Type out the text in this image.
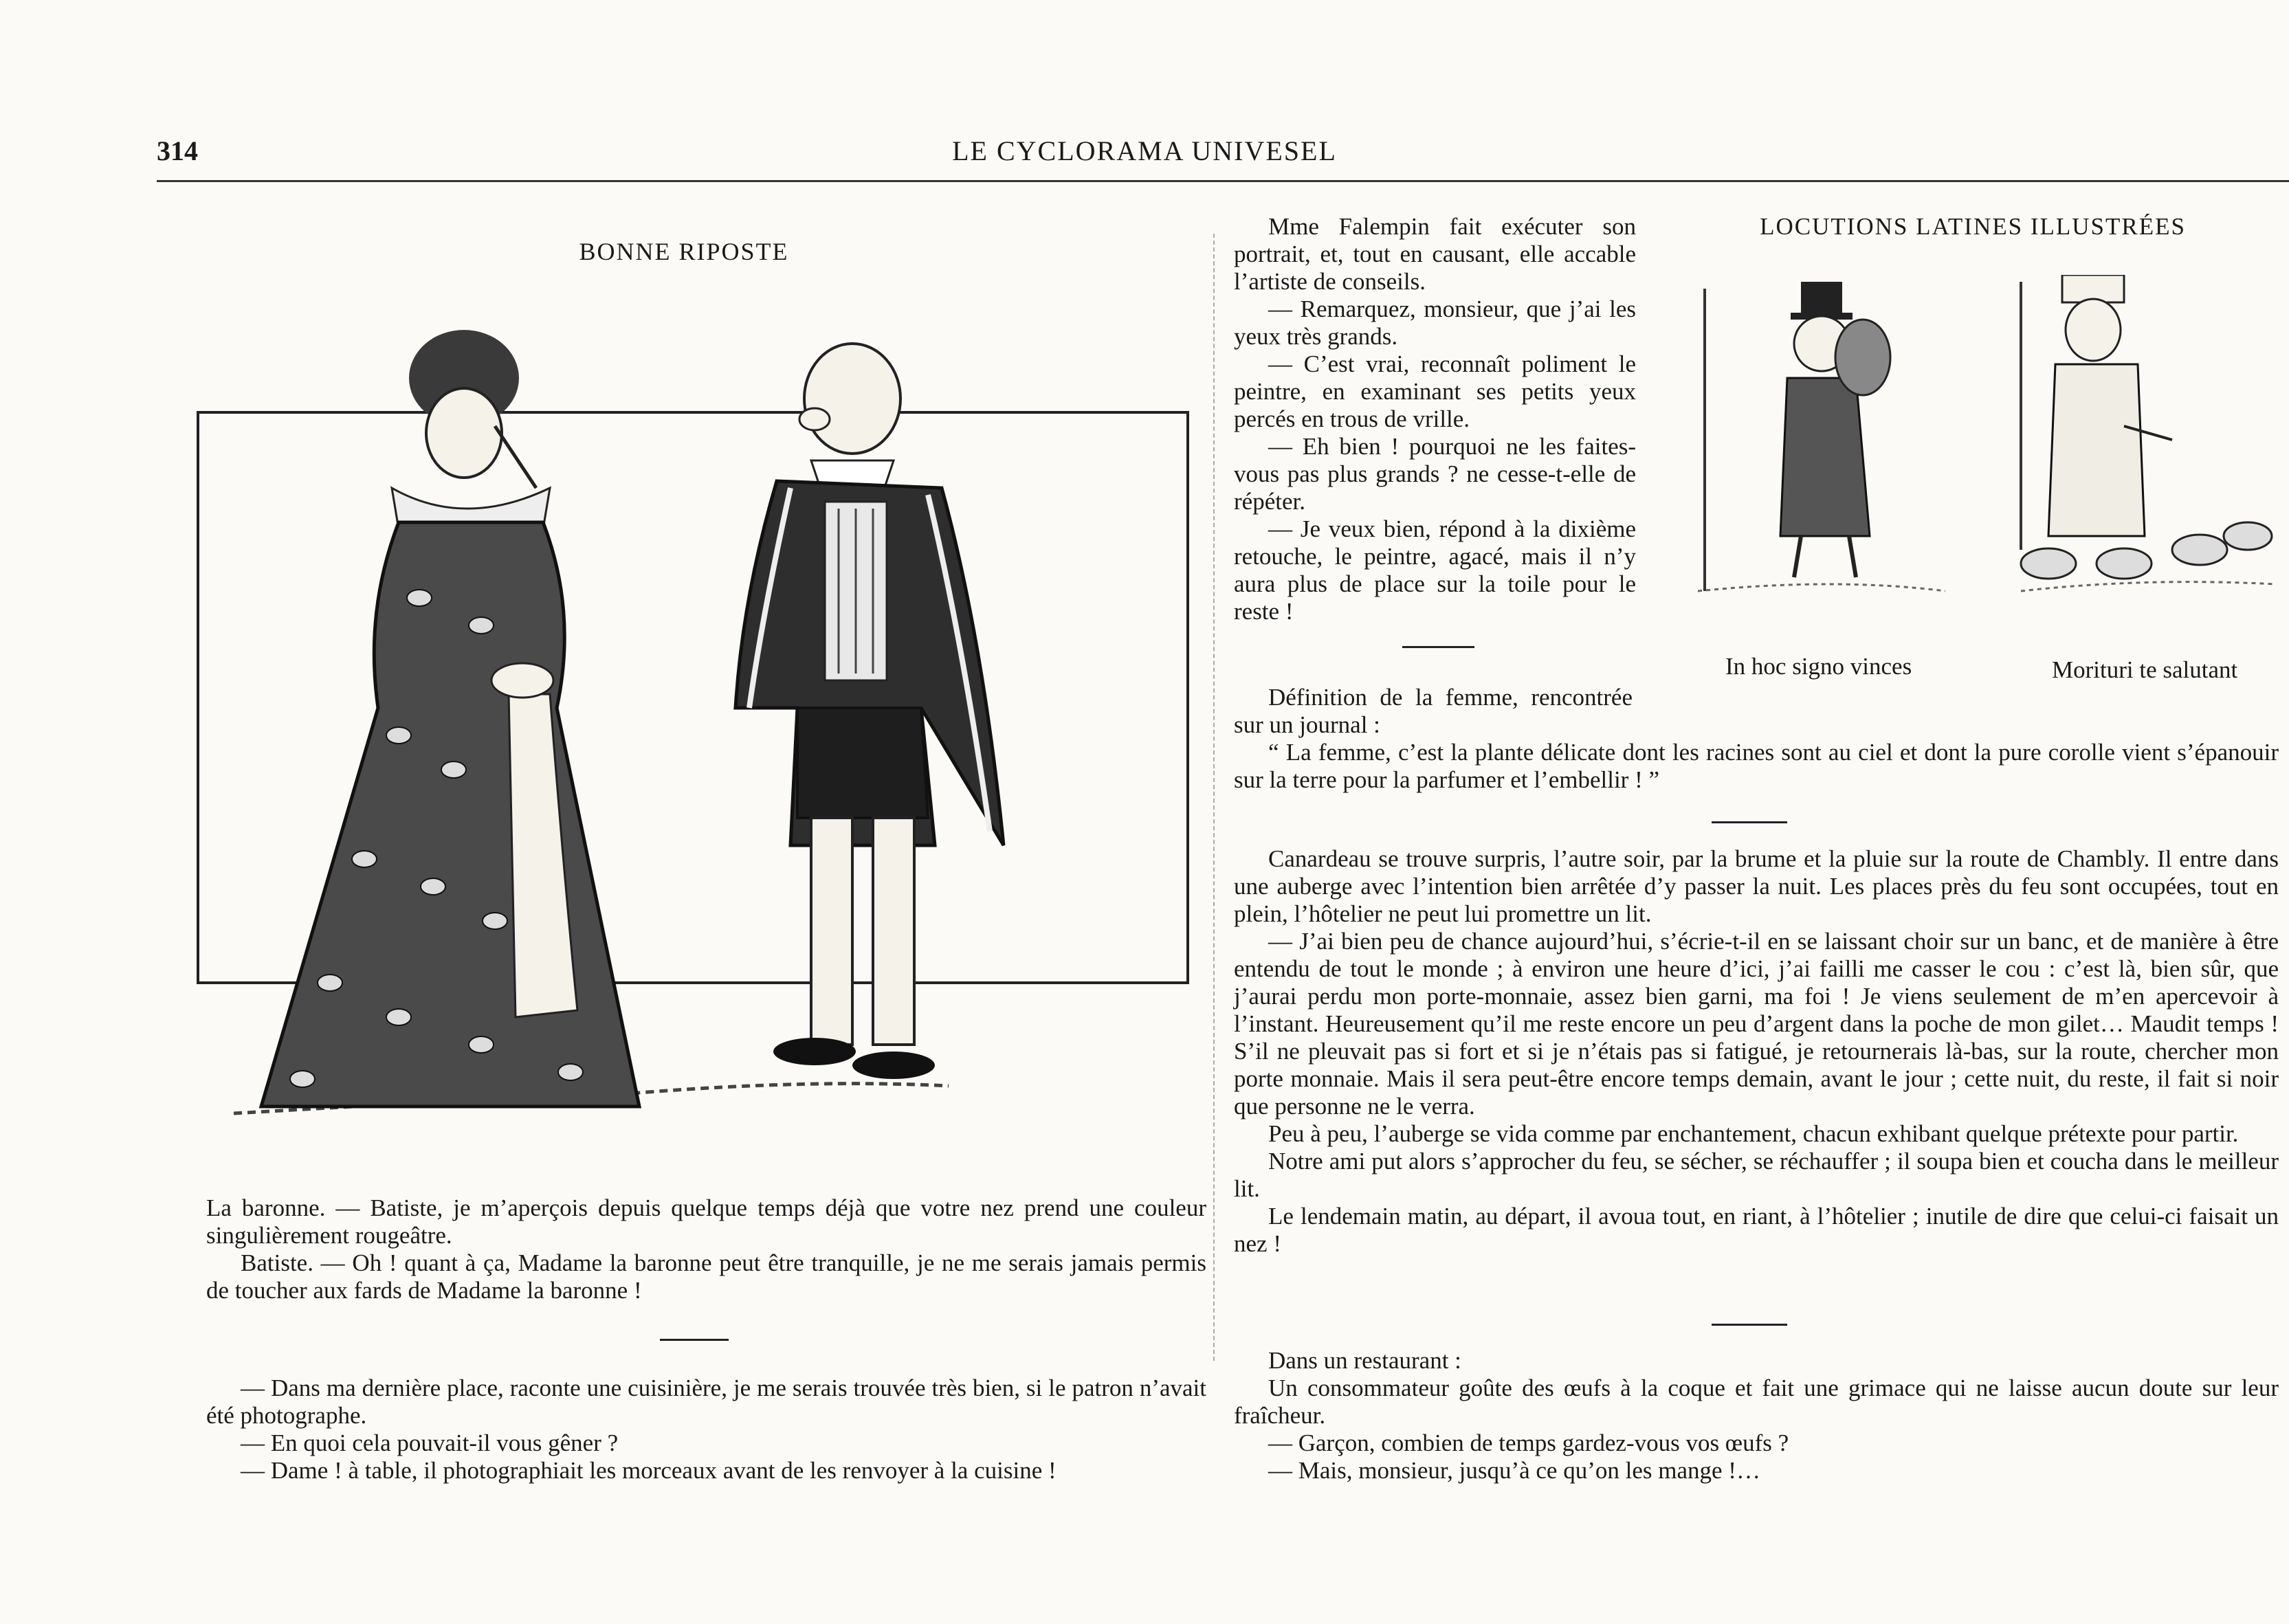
314	LE CYCLORAMA UNIVESEL
BONNE RIPOSTE

La baronne. — Batiste, je m’aperçois depuis quelque temps déjà que votre nez prend une couleur singulièrement rougeâtre.

Batiste. — Oh ! quant à ça, Madame la baronne peut être tranquille, je ne me serais jamais permis de toucher aux fards de Madame la baronne !

— Dans ma dernière place, raconte une cuisinière, je me serais trouvée très bien, si le patron n’avait été photographe.

— En quoi cela pouvait-il vous gêner ?

— Dame ! à table, il photographiait les morceaux avant de les renvoyer à la cuisine !

Mme Falempin fait exécuter son portrait, et, tout en causant, elle accable l’artiste de conseils.

— Remarquez, monsieur, que j’ai les yeux très grands.

— C’est vrai, reconnaît poliment le peintre, en examinant ses petits yeux percés en trous de vrille.

— Eh bien ! pourquoi ne les faites-vous pas plus grands ? ne cesse-t-elle de répéter.

— Je veux bien, répond à la dixième retouche, le peintre, agacé, mais il n’y aura plus de place sur la toile pour le reste !

LOCUTIONS LATINES ILLUSTRÉES
In hoc signo vinces	Morituri te salutant

Définition de la femme, rencontrée sur un journal :

“ La femme, c’est la plante délicate dont les racines sont au ciel et dont la pure corolle vient s’épanouir sur la terre pour la parfumer et l’embellir ! ”

Canardeau se trouve surpris, l’autre soir, par la brume et la pluie sur la route de Chambly. Il entre dans une auberge avec l’intention bien arrêtée d’y passer la nuit. Les places près du feu sont occupées, tout en plein, l’hôtelier ne peut lui promettre un lit.

— J’ai bien peu de chance aujourd’hui, s’écrie-t-il en se laissant choir sur un banc, et de manière à être entendu de tout le monde ; à environ une heure d’ici, j’ai failli me casser le cou : c’est là, bien sûr, que j’aurai perdu mon porte-monnaie, assez bien garni, ma foi ! Je viens seulement de m’en apercevoir à l’instant. Heureusement qu’il me reste encore un peu d’argent dans la poche de mon gilet… Maudit temps ! S’il ne pleuvait pas si fort et si je n’étais pas si fatigué, je retournerais là-bas, sur la route, chercher mon porte monnaie. Mais il sera peut-être encore temps demain, avant le jour ; cette nuit, du reste, il fait si noir que personne ne le verra.

Peu à peu, l’auberge se vida comme par enchantement, chacun exhibant quelque prétexte pour partir.

Notre ami put alors s’approcher du feu, se sécher, se réchauffer ; il soupa bien et coucha dans le meilleur lit.

Le lendemain matin, au départ, il avoua tout, en riant, à l’hôtelier ; inutile de dire que celui-ci faisait un nez !

Dans un restaurant :

Un consommateur goûte des œufs à la coque et fait une grimace qui ne laisse aucun doute sur leur fraîcheur.

— Garçon, combien de temps gardez-vous vos œufs ?

— Mais, monsieur, jusqu’à ce qu’on les mange !…
